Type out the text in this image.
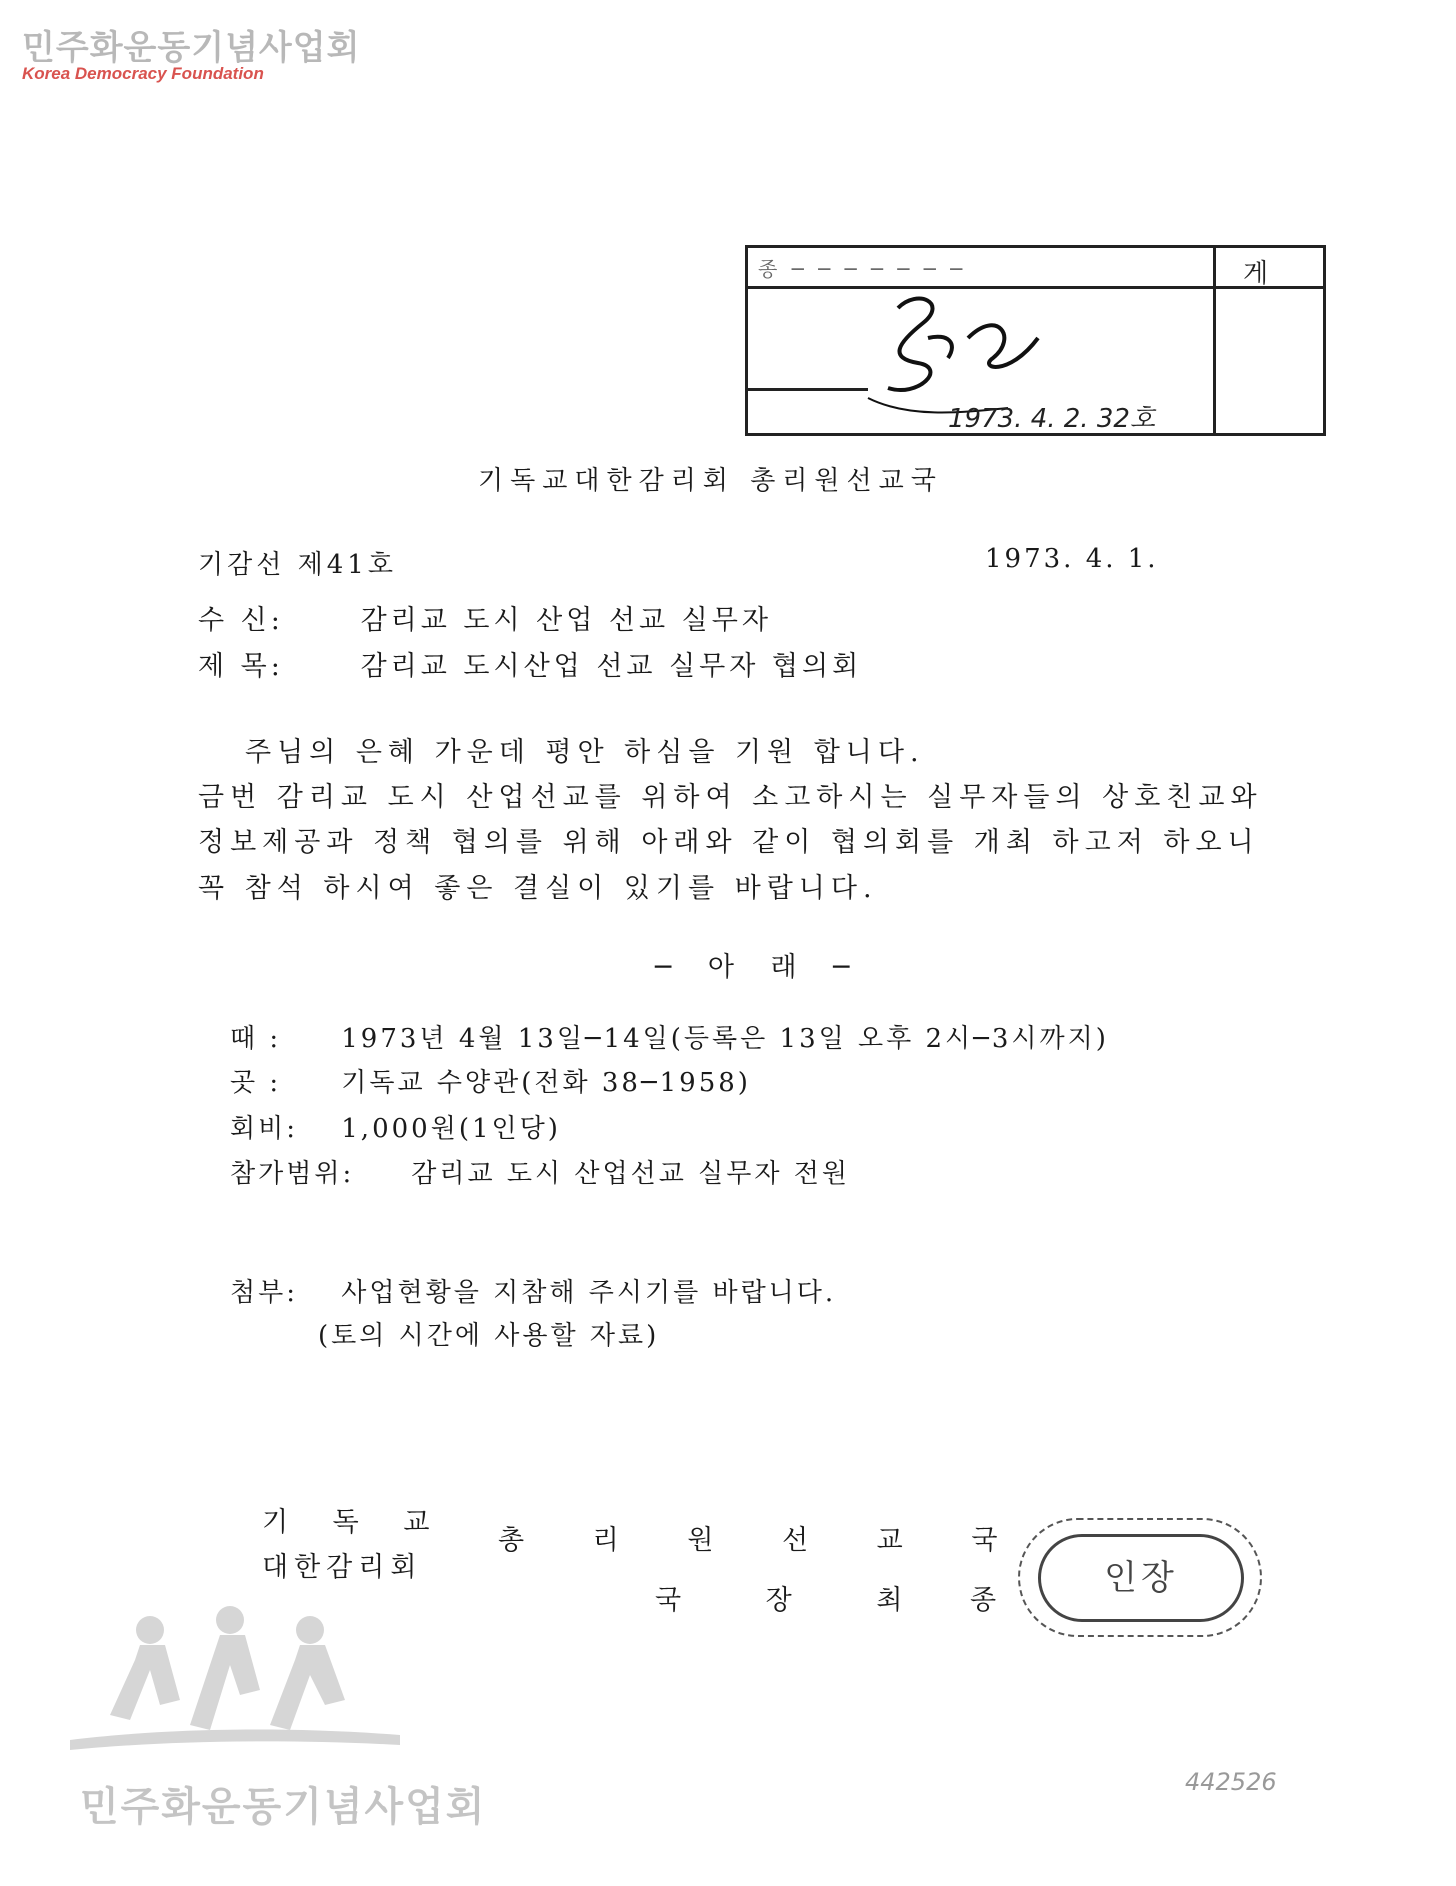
민주화운동기념사업회
Korea Democracy Foundation
종 ─ ─ ─ ─ ─ ─ ─	게
1973. 4. 2. 32호
기독교대한감리회 총리원선교국
기감선 제41호	1973. 4. 1.
수 신:	감리교 도시 산업 선교 실무자
제 목:	감리교 도시산업 선교 실무자 협의회
주님의 은혜 가운데 평안 하심을 기원 합니다.
금번 감리교 도시 산업선교를 위하여 소고하시는 실무자들의 상호친교와
정보제공과 정책 협의를 위해 아래와 같이 협의회를 개최 하고저 하오니
꼭 참석 하시여 좋은 결실이 있기를 바랍니다.
─ 아 래 ─
때 : 1973년 4월 13일─14일(등록은 13일 오후 2시─3시까지)
곳 : 기독교 수양관(전화 38─1958)
회비: 1,000원(1인당)
참가범위: 감리교 도시 산업선교 실무자 전원
첨부: 사업현황을 지참해 주시기를 바랍니다.
(토의 시간에 사용할 자료)
기 독 교
대한감리회
총 리 원 선 교 국
국 장 최 종
인장
민주화운동기념사업회
442526
